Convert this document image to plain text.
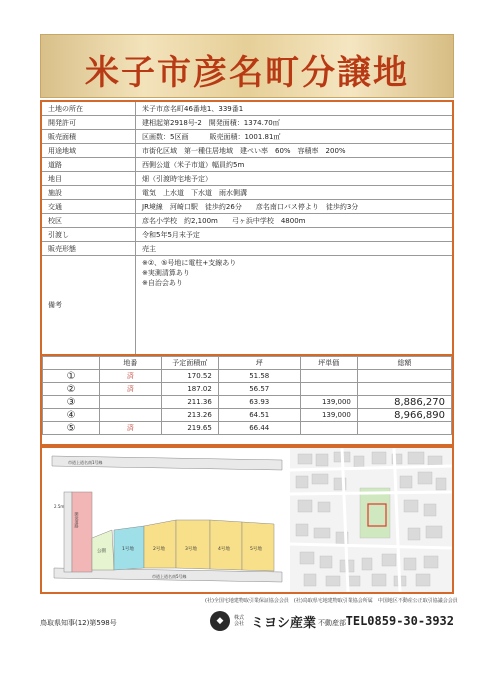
米子市彦名町分譲地
土地の所在	米子市彦名町46番地1、339番1
開発許可	建相起第2918号-2　開発面積：1374.70㎡
販売面積	区画数：5区画　　　販売面積：1001.81㎡
用途地域	市街化区域　第一種住居地域　建ぺい率　60%　容積率　200%
道路	西側公道（米子市道）幅員約5m
地目	畑（引渡時宅地予定）
施設	電気　上水道　下水道　雨水側溝
交通	JR境線　河崎口駅　徒歩約26分　　彦名南口バス停より　徒歩約3分
校区	彦名小学校　約2,100m　　弓ヶ浜中学校　4800m
引渡し	令和5年5月末予定
販売形態	売主
備考
※②、⑤号地に電柱+支線あり
※実測清算あり
※自治会あり
	地番	予定面積㎡	坪	坪単価	総額
①	済	170.52	51.58		
②	済	187.02	56.57		
③		211.36	63.93	139,000	8,886,270
④		213.26	64.51	139,000	8,966,890
⑤	済	219.65	66.44		
市道上道名南1号線
市道上道名南5号線
2.5m
開発道路
公園	1号地	2号地	3号地	4号地	5号地
(社)全国宅地建物取引業保証協会会員　(社)鳥取県宅地建物取引業協会所属　中国地区不動産公正取引協議会会員
鳥取県知事(12)第598号	◆	株式会社 ミヨシ産業 不動産部 TEL0859-30-3932
